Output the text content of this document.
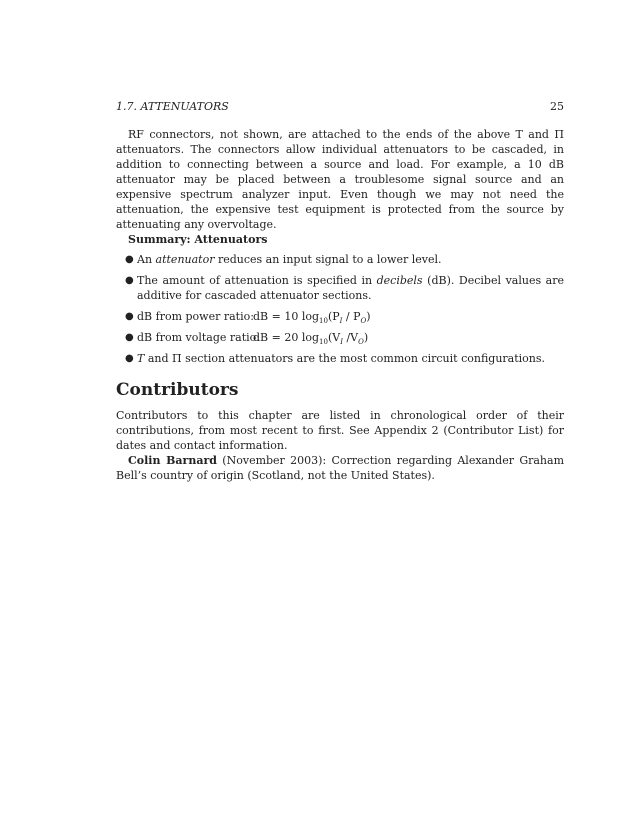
1.7. ATTENUATORS	25

RF connectors, not shown, are attached to the ends of the above T and Π attenuators. The connectors allow individual attenuators to be cascaded, in addition to connecting between a source and load. For example, a 10 dB attenuator may be placed between a troublesome signal source and an expensive spectrum analyzer input. Even though we may not need the attenuation, the expensive test equipment is protected from the source by attenuating any overvoltage.

Summary: Attenuators
● An attenuator reduces an input signal to a lower level.
● The amount of attenuation is specified in decibels (dB). Decibel values are additive for cascaded attenuator sections.
● dB from power ratio:dB = 10 $\log_{10}(P_I / P_O)$
● dB from voltage ratio:dB = 20 $\log_{10}(V_I$ $/V_O$)
● T and Π section attenuators are the most common circuit configurations.
Contributors

Contributors to this chapter are listed in chronological order of their contributions, from most recent to first. See Appendix 2 (Contributor List) for dates and contact information.

Colin Barnard (November 2003): Correction regarding Alexander Graham Bell’s country of origin (Scotland, not the United States).
